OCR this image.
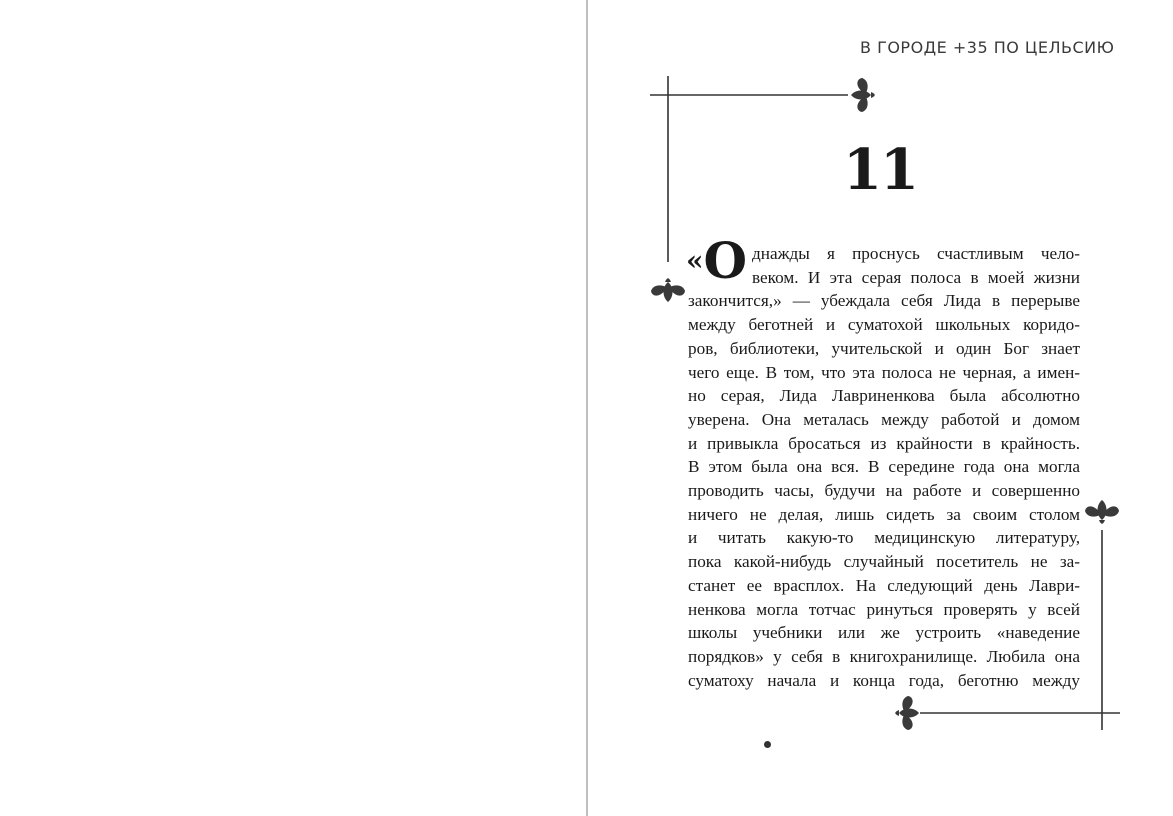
В ГОРОДЕ +35 ПО ЦЕЛЬСИЮ
11
«О днажды я проснусь счастливым чело-
веком. И эта серая полоса в моей жизни
закончится,» — убеждала себя Лида в перерыве
между беготней и суматохой школьных коридо-
ров, библиотеки, учительской и один Бог знает
чего еще. В том, что эта полоса не черная, а имен-
но серая, Лида Лавриненкова была абсолютно
уверена. Она металась между работой и домом
и привыкла бросаться из крайности в крайность.
В этом была она вся. В середине года она могла
проводить часы, будучи на работе и совершенно
ничего не делая, лишь сидеть за своим столом
и читать какую-то медицинскую литературу,
пока какой-нибудь случайный посетитель не за-
станет ее врасплох. На следующий день Лаври-
ненкова могла тотчас ринуться проверять у всей
школы учебники или же устроить «наведение
порядков» у себя в книгохранилище. Любила она
суматоху начала и конца года, беготню между
